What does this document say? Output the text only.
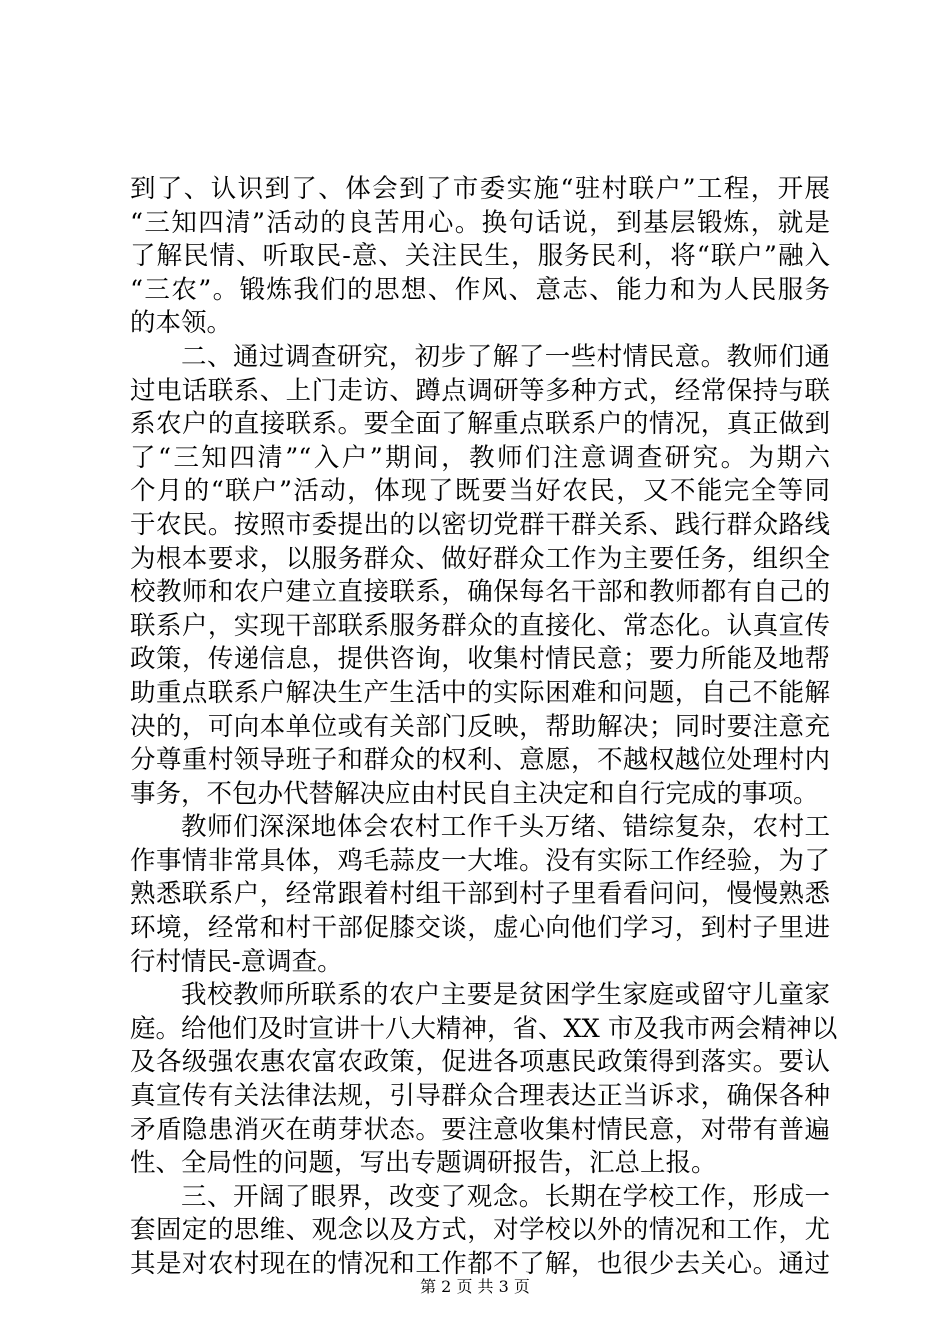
到了、认识到了、体会到了市委实施“驻村联户”工程，开展
“三知四清”活动的良苦用心。换句话说，到基层锻炼，就是
了解民情、听取民-意、关注民生，服务民利，将“联户”融入
“三农”。锻炼我们的思想、作风、意志、能力和为人民服务
的本领。
二、通过调查研究，初步了解了一些村情民意。教师们通
过电话联系、上门走访、蹲点调研等多种方式，经常保持与联
系农户的直接联系。要全面了解重点联系户的情况，真正做到
了“三知四清”“入户”期间，教师们注意调查研究。为期六
个月的“联户”活动，体现了既要当好农民，又不能完全等同
于农民。按照市委提出的以密切党群干群关系、践行群众路线
为根本要求，以服务群众、做好群众工作为主要任务，组织全
校教师和农户建立直接联系，确保每名干部和教师都有自己的
联系户，实现干部联系服务群众的直接化、常态化。认真宣传
政策，传递信息，提供咨询，收集村情民意；要力所能及地帮
助重点联系户解决生产生活中的实际困难和问题，自己不能解
决的，可向本单位或有关部门反映，帮助解决；同时要注意充
分尊重村领导班子和群众的权利、意愿，不越权越位处理村内
事务，不包办代替解决应由村民自主决定和自行完成的事项。
教师们深深地体会农村工作千头万绪、错综复杂，农村工
作事情非常具体，鸡毛蒜皮一大堆。没有实际工作经验，为了
熟悉联系户，经常跟着村组干部到村子里看看问问，慢慢熟悉
环境，经常和村干部促膝交谈，虚心向他们学习，到村子里进
行村情民-意调查。
我校教师所联系的农户主要是贫困学生家庭或留守儿童家
庭。给他们及时宣讲十八大精神，省、XX 市及我市两会精神以
及各级强农惠农富农政策，促进各项惠民政策得到落实。要认
真宣传有关法律法规，引导群众合理表达正当诉求，确保各种
矛盾隐患消灭在萌芽状态。要注意收集村情民意，对带有普遍
性、全局性的问题，写出专题调研报告，汇总上报。
三、开阔了眼界，改变了观念。长期在学校工作，形成一
套固定的思维、观念以及方式，对学校以外的情况和工作，尤
其是对农村现在的情况和工作都不了解，也很少去关心。通过
第 2 页 共 3 页
